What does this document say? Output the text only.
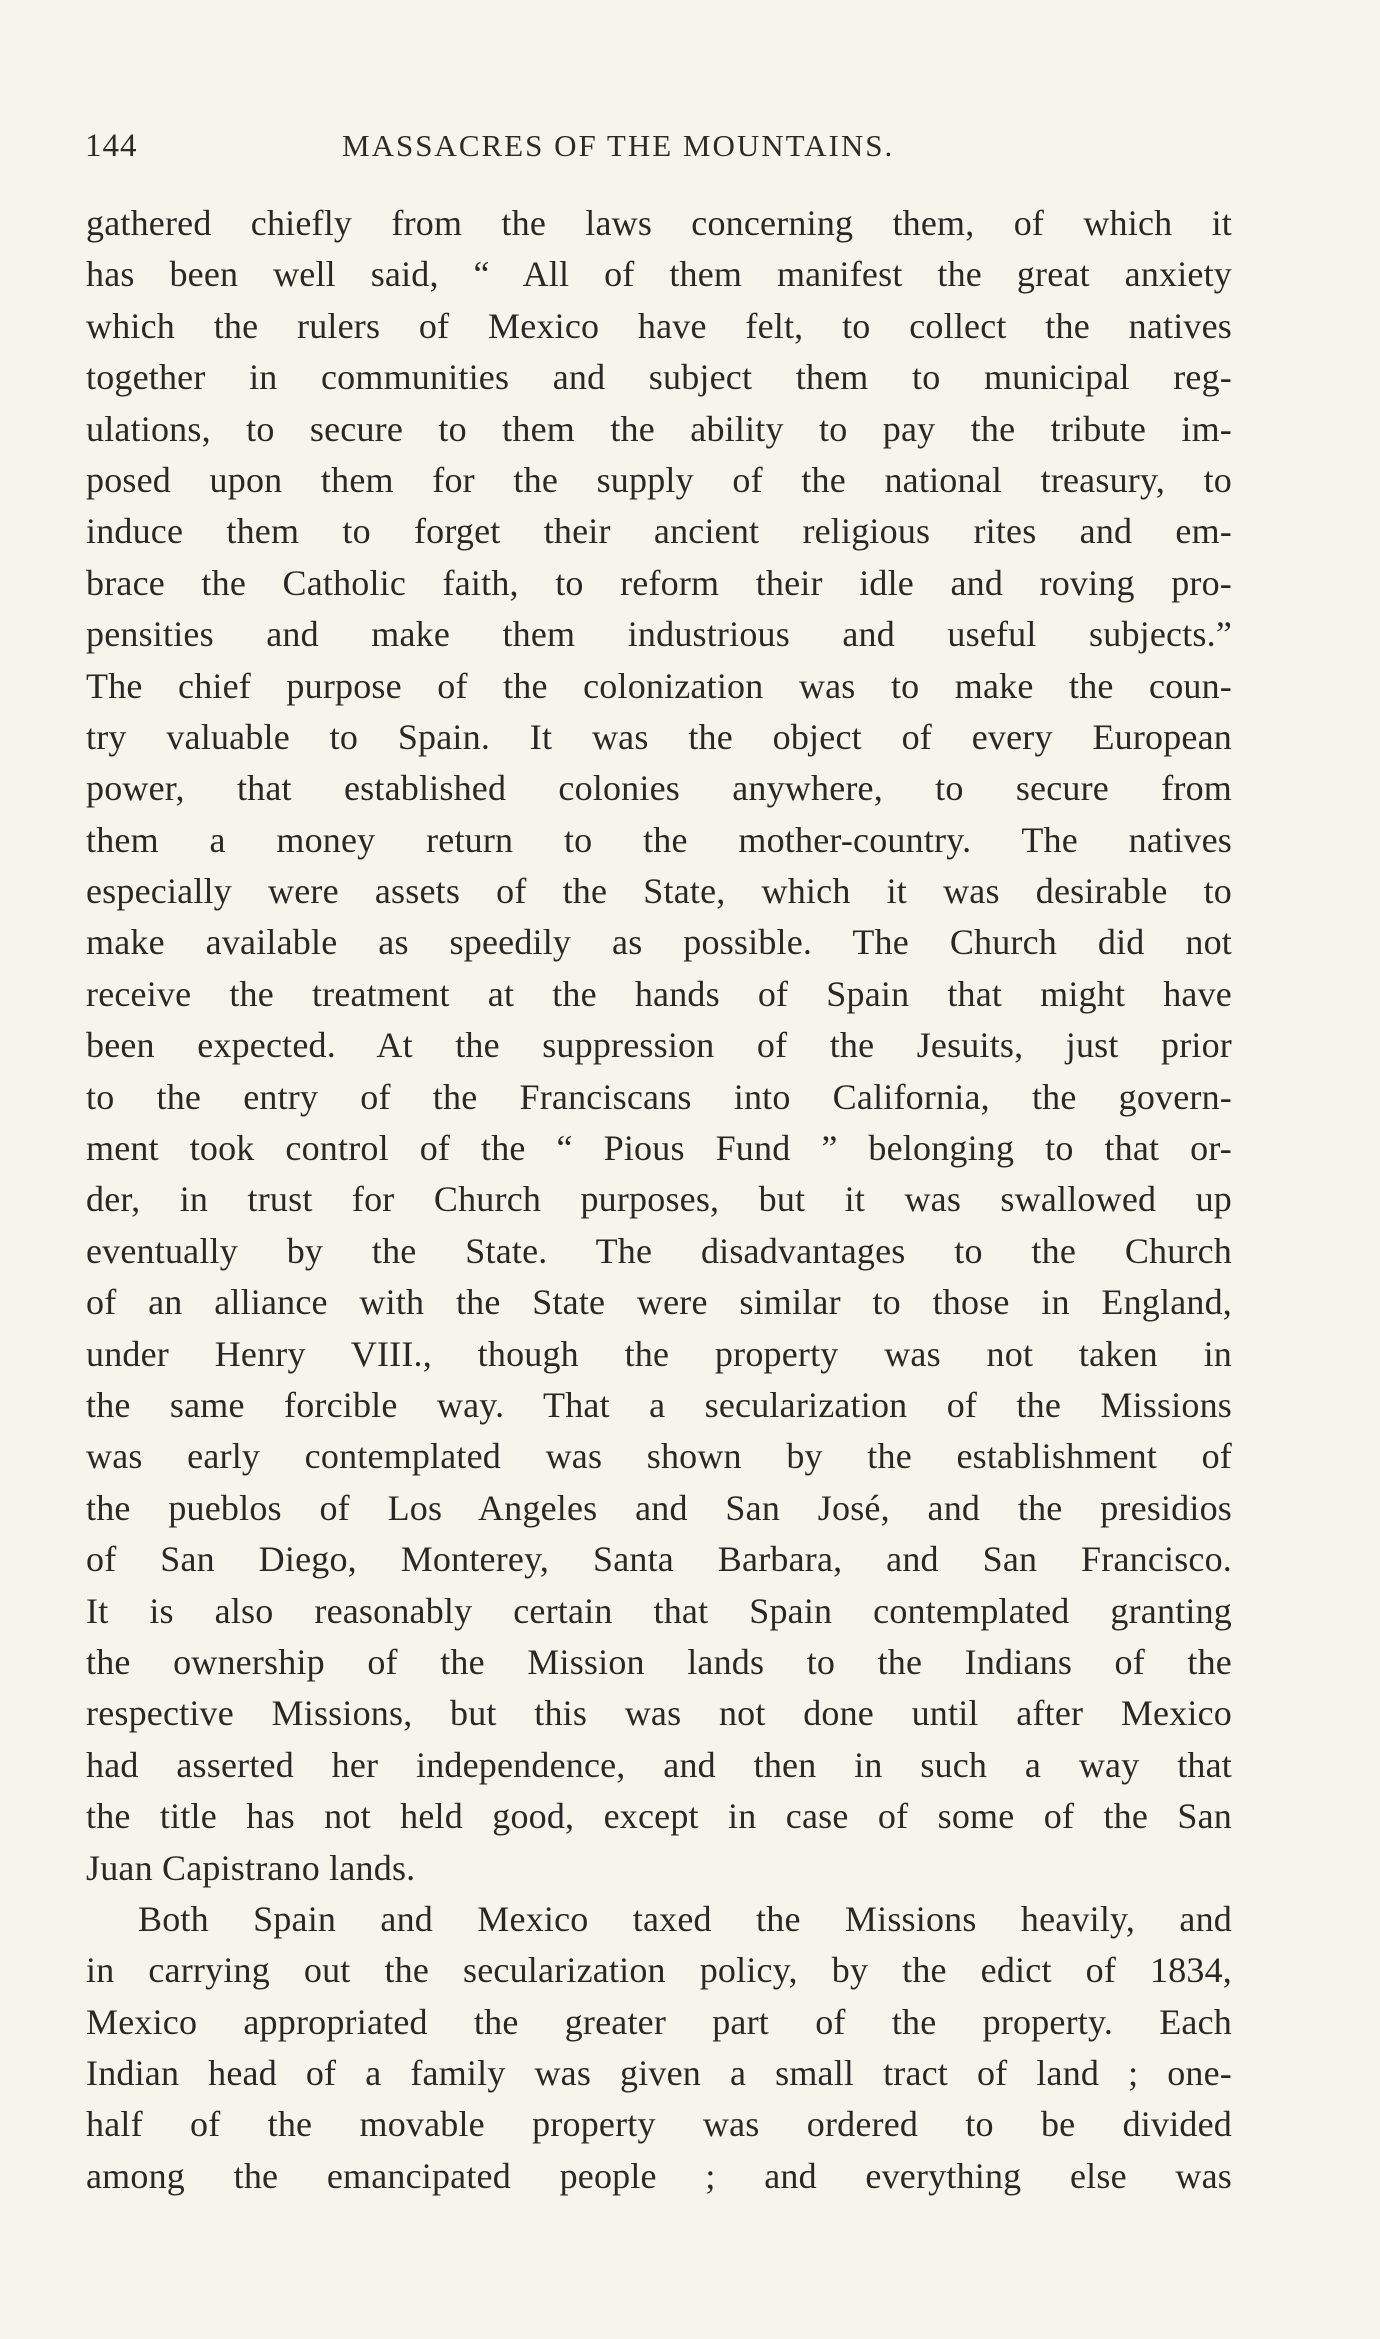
144	MASSACRES OF THE MOUNTAINS.
gathered chiefly from the laws concerning them, of which it
has been well said, “ All of them manifest the great anxiety
which the rulers of Mexico have felt, to collect the natives
together in communities and subject them to municipal reg-
ulations, to secure to them the ability to pay the tribute im-
posed upon them for the supply of the national treasury, to
induce them to forget their ancient religious rites and em-
brace the Catholic faith, to reform their idle and roving pro-
pensities and make them industrious and useful subjects.”
The chief purpose of the colonization was to make the coun-
try valuable to Spain. It was the object of every European
power, that established colonies anywhere, to secure from
them a money return to the mother-country. The natives
especially were assets of the State, which it was desirable to
make available as speedily as possible. The Church did not
receive the treatment at the hands of Spain that might have
been expected. At the suppression of the Jesuits, just prior
to the entry of the Franciscans into California, the govern-
ment took control of the “ Pious Fund ” belonging to that or-
der, in trust for Church purposes, but it was swallowed up
eventually by the State. The disadvantages to the Church
of an alliance with the State were similar to those in England,
under Henry VIII., though the property was not taken in
the same forcible way. That a secularization of the Missions
was early contemplated was shown by the establishment of
the pueblos of Los Angeles and San José, and the presidios
of San Diego, Monterey, Santa Barbara, and San Francisco.
It is also reasonably certain that Spain contemplated granting
the ownership of the Mission lands to the Indians of the
respective Missions, but this was not done until after Mexico
had asserted her independence, and then in such a way that
the title has not held good, except in case of some of the San
Juan Capistrano lands.
Both Spain and Mexico taxed the Missions heavily, and
in carrying out the secularization policy, by the edict of 1834,
Mexico appropriated the greater part of the property. Each
Indian head of a family was given a small tract of land ; one-
half of the movable property was ordered to be divided
among the emancipated people ; and everything else was
